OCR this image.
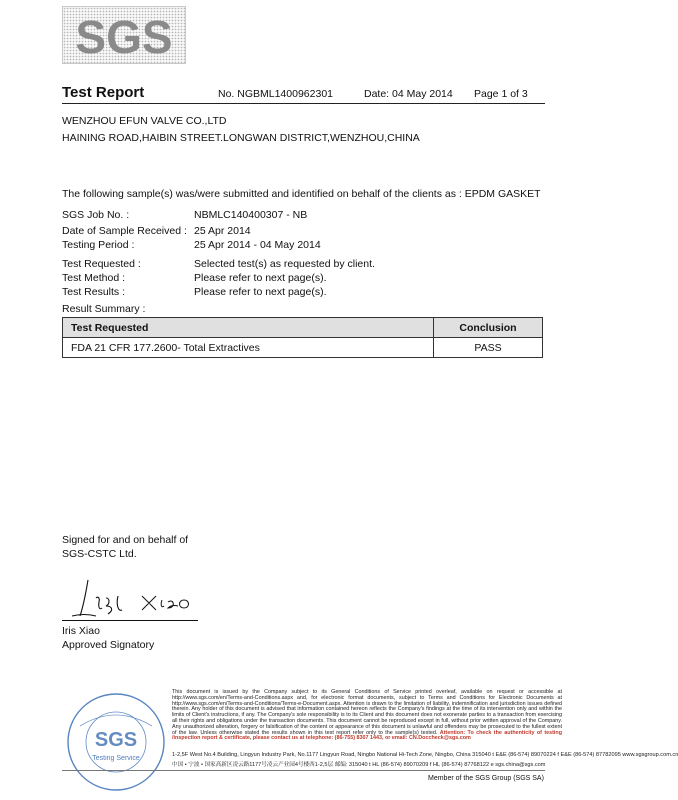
SGS
Test Report	No. NGBML1400962301	Date: 04 May 2014 Page 1 of 3
WENZHOU EFUN VALVE CO.,LTD
HAINING ROAD,HAIBIN STREET.LONGWAN DISTRICT,WENZHOU,CHINA
The following sample(s) was/were submitted and identified on behalf of the clients as : EPDM GASKET
SGS Job No. :	NBMLC140400307 - NB
Date of Sample Received : 25 Apr 2014
Testing Period :	25 Apr 2014 - 04 May 2014
Test Requested :	Selected test(s) as requested by client.
Test Method :	Please refer to next page(s).
Test Results :	Please refer to next page(s).
Result Summary :
Test Requested	Conclusion
FDA 21 CFR 177.2600- Total Extractives	PASS
Signed for and on behalf of
SGS-CSTC Ltd.
Iris Xiao
Approved Signatory
SGS
Testing Service
This document is issued by the Company subject to its General Conditions of Service printed overleaf, available on request or accessible at http://www.sgs.com/en/Terms-and-Conditions.aspx and, for electronic format documents, subject to Terms and Conditions for Electronic Documents at http://www.sgs.com/en/Terms-and-Conditions/Terms-e-Document.aspx. Attention is drawn to the limitation of liability, indemnification and jurisdiction issues defined therein. Any holder of this document is advised that information contained hereon reflects the Company's findings at the time of its intervention only and within the limits of Client's instructions, if any. The Company's sole responsibility is to its Client and this document does not exonerate parties to a transaction from exercising all their rights and obligations under the transaction documents. This document cannot be reproduced except in full, without prior written approval of the Company. Any unauthorized alteration, forgery or falsification of the content or appearance of this document is unlawful and offenders may be prosecuted to the fullest extent of the law. Unless otherwise stated the results shown in this test report refer only to the sample(s) tested. Attention: To check the authenticity of testing /inspection report & certificate, please contact us at telephone: (86-755) 8307 1443, or email: CN.Doccheck@sgs.com
1-2,5F West No.4 Building, Lingyun Industry Park, No.1177 Lingyun Road, Ningbo National Hi-Tech Zone, Ningbo, China 315040 t E&E (86-574) 89070224 f E&E (86-574) 87782095 www.sgsgroup.com.cn
中国 • 宁波 • 国家高新区凌云路1177号凌云产业园4号楼西1-2,5层 邮编: 315040 t HL (86-574) 89070209 f HL (86-574) 87768122 e sgs.china@sgs.com
Member of the SGS Group (SGS SA)
